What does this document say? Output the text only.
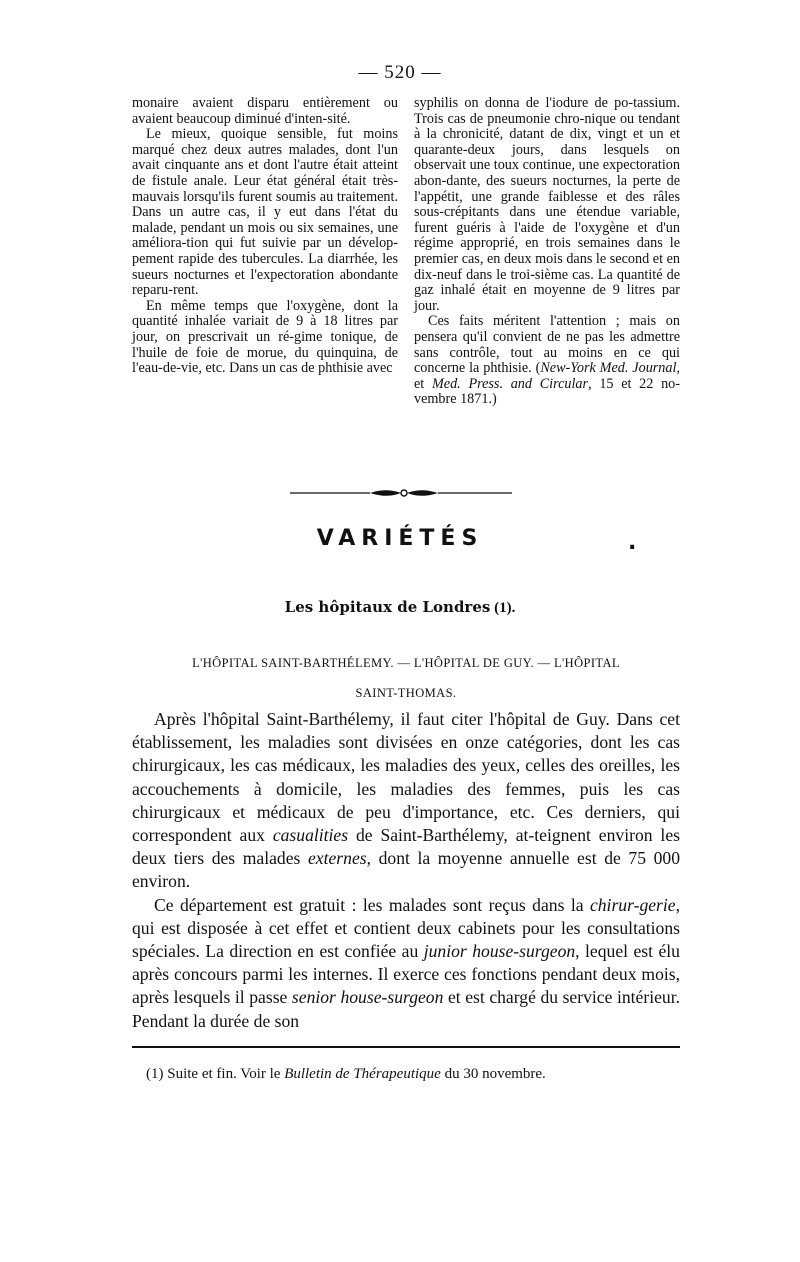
— 520 —

monaire avaient disparu entièrement ou avaient beaucoup diminué d'inten-sité.

Le mieux, quoique sensible, fut moins marqué chez deux autres malades, dont l'un avait cinquante ans et dont l'autre était atteint de fistule anale. Leur état général était très-mauvais lorsqu'ils furent soumis au traitement. Dans un autre cas, il y eut dans l'état du malade, pendant un mois ou six semaines, une améliora-tion qui fut suivie par un dévelop-pement rapide des tubercules. La diarrhée, les sueurs nocturnes et l'expectoration abondante reparu-rent.

En même temps que l'oxygène, dont la quantité inhalée variait de 9 à 18 litres par jour, on prescrivait un ré-gime tonique, de l'huile de foie de morue, du quinquina, de l'eau-de-vie, etc. Dans un cas de phthisie avec

syphilis on donna de l'iodure de po-tassium. Trois cas de pneumonie chro-nique ou tendant à la chronicité, datant de dix, vingt et un et quarante-deux jours, dans lesquels on observait une toux continue, une expectoration abon-dante, des sueurs nocturnes, la perte de l'appétit, une grande faiblesse et des râles sous-crépitants dans une étendue variable, furent guéris à l'aide de l'oxygène et d'un régime approprié, en trois semaines dans le premier cas, en deux mois dans le second et en dix-neuf dans le troi-sième cas. La quantité de gaz inhalé était en moyenne de 9 litres par jour.

Ces faits méritent l'attention ; mais on pensera qu'il convient de ne pas les admettre sans contrôle, tout au moins en ce qui concerne la phthisie. (New-York Med. Journal, et Med. Press. and Circular, 15 et 22 no-vembre 1871.)

VARIÉTÉS	.
Les hôpitaux de Londres (1).
L'HÔPITAL SAINT-BARTHÉLEMY. — L'HÔPITAL DE GUY. — L'HÔPITAL
SAINT-THOMAS.

Après l'hôpital Saint-Barthélemy, il faut citer l'hôpital de Guy. Dans cet établissement, les maladies sont divisées en onze catégories, dont les cas chirurgicaux, les cas médicaux, les maladies des yeux, celles des oreilles, les accouchements à domicile, les maladies des femmes, puis les cas chirurgicaux et médicaux de peu d'importance, etc. Ces derniers, qui correspondent aux casualities de Saint-Barthélemy, at-teignent environ les deux tiers des malades externes, dont la moyenne annuelle est de 75 000 environ.

Ce département est gratuit : les malades sont reçus dans la chirur-gerie, qui est disposée à cet effet et contient deux cabinets pour les consultations spéciales. La direction en est confiée au junior house-surgeon, lequel est élu après concours parmi les internes. Il exerce ces fonctions pendant deux mois, après lesquels il passe senior house-surgeon et est chargé du service intérieur. Pendant la durée de son

(1) Suite et fin. Voir le Bulletin de Thérapeutique du 30 novembre.
